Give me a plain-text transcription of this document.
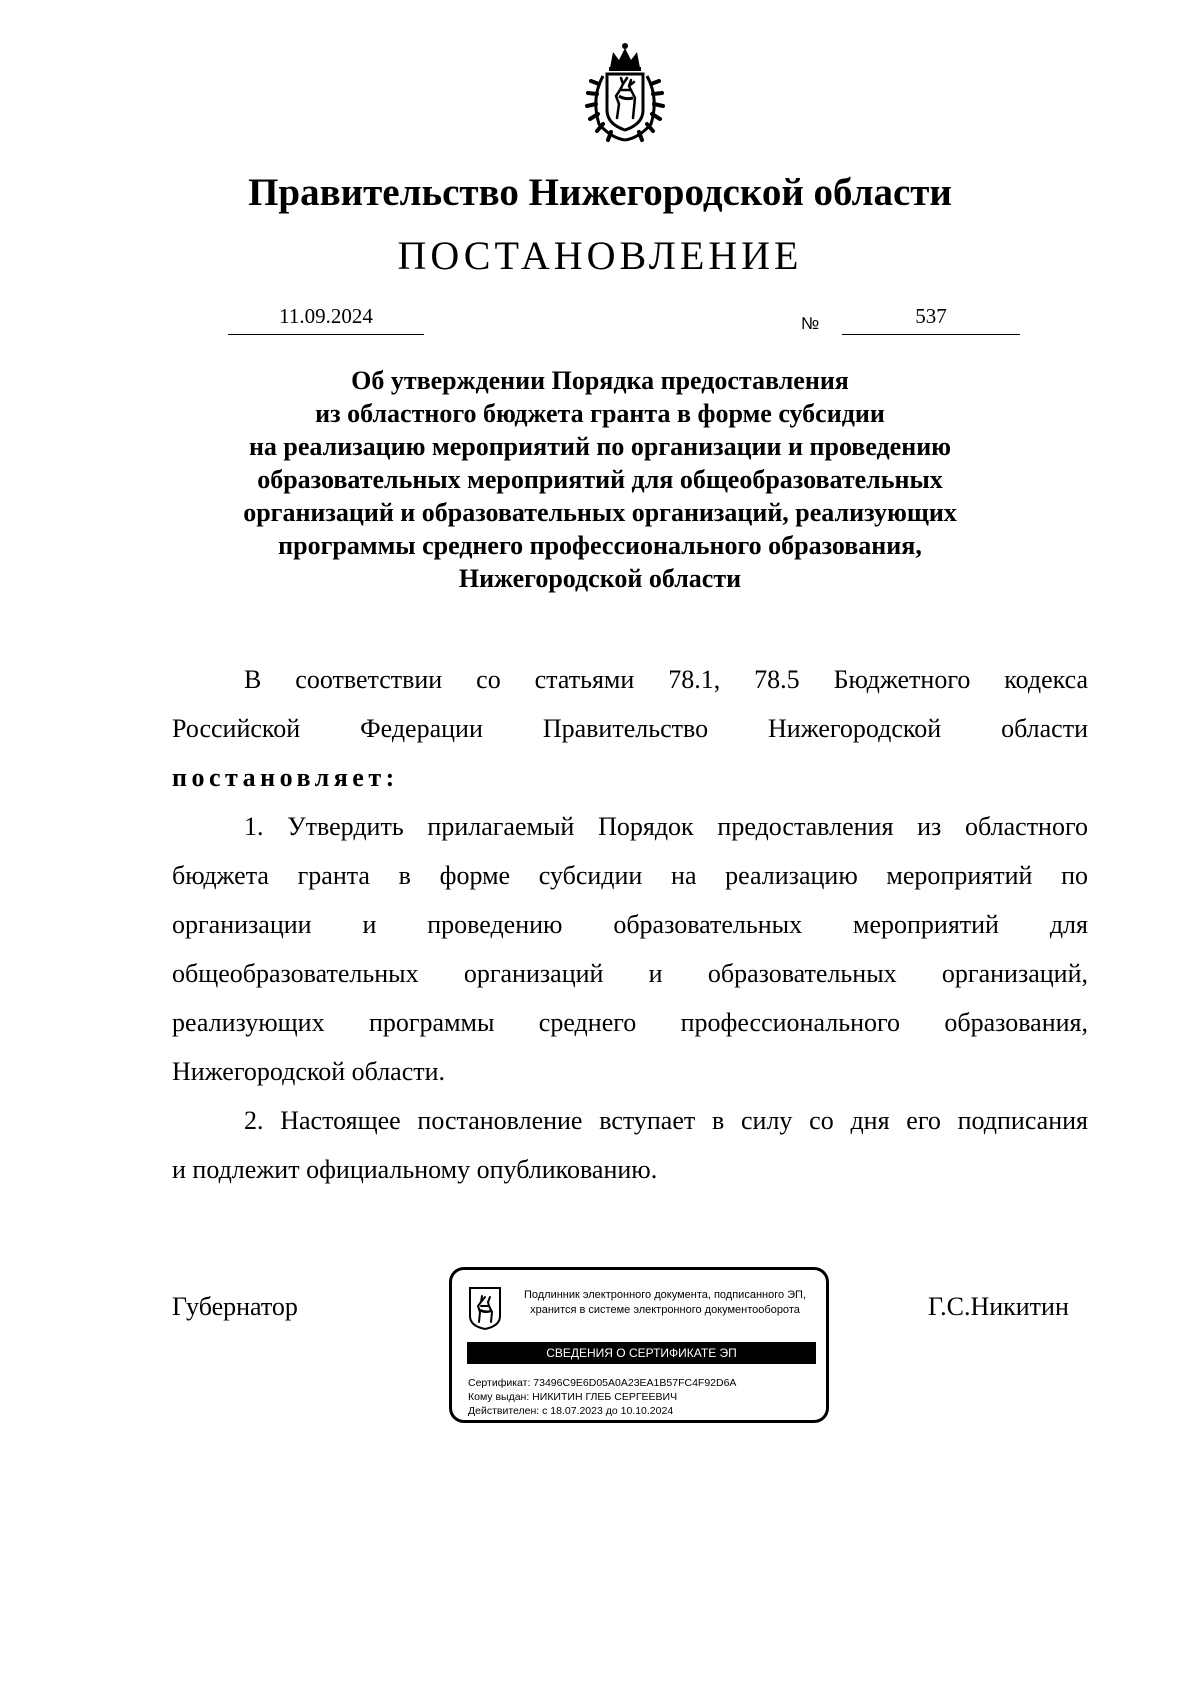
Правительство Нижегородской области
ПОСТАНОВЛЕНИЕ
11.09.2024	№	537
Об утверждении Порядка предоставления
из областного бюджета гранта в форме субсидии
на реализацию мероприятий по организации и проведению
образовательных мероприятий для общеобразовательных
организаций и образовательных организаций, реализующих
программы среднего профессионального образования,
Нижегородской области
В соответствии со статьями 78.1, 78.5 Бюджетного кодекса
Российской Федерации Правительство Нижегородской области
постановляет:
1. Утвердить прилагаемый Порядок предоставления из областного
бюджета гранта в форме субсидии на реализацию мероприятий по
организации и проведению образовательных мероприятий для
общеобразовательных организаций и образовательных организаций,
реализующих программы среднего профессионального образования,
Нижегородской области.
2. Настоящее постановление вступает в силу со дня его подписания
и подлежит официальному опубликованию.
Губернатор	Г.С.Никитин
Подлинник электронного документа, подписанного ЭП,
хранится в системе электронного документооборота
СВЕДЕНИЯ О СЕРТИФИКАТЕ ЭП
Сертификат: 73496C9E6D05A0A23EA1B57FC4F92D6A
Кому выдан: НИКИТИН ГЛЕБ СЕРГЕЕВИЧ
Действителен: с 18.07.2023 до 10.10.2024
